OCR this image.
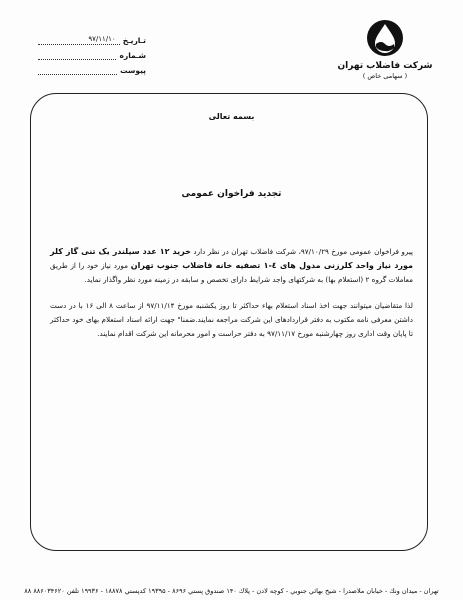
شرکت فاضلاب تهران
( سهامی خاص )
تـاريـخ
۹۷/۱۱/۱۰
شـماره
پيوست
بسمه تعالی
تجدید فراخوان عمومی

پیرو فراخوان عمومی مورخ ۹۷/۱۰/۲۹، شرکت فاضلاب تهران در نظر دارد خرید ۱۲ عدد سیلندر یک تنی گاز کلر مورد نیاز واحد کلرزنی مدول های ٤-١ تصفیه خانه فاضلاب جنوب تهران مورد نیاز خود را از طریق معاملات گروه ۲ (استعلام بها) به شرکتهای واجد شرایط دارای تخصص و سابقه در زمینه مورد نظر واگذار نماید.

لذا متقاضیان میتوانند جهت اخذ اسناد استعلام بهاء حداکثر تا روز یکشنبه مورخ ۹۷/۱۱/۱۴ از ساعت ۸ الی ۱۶ با در دست داشتن معرفی نامه مکتوب به دفتر قراردادهای این شرکت مراجعه نمایند.ضمنا" جهت ارائه اسناد استعلام بهای خود حداکثر تا پایان وقت اداری روز چهارشنبه مورخ ۹۷/۱۱/۱۷ به دفتر حراست و امور محرمانه این شرکت اقدام نمایند.

تهران - ميدان ونك - خيابان ملاصدرا - شيخ بهائي جنوبي - كوچه لادن - پلاك ۱۴۰ صندوق پستي ۸۶۹۶ - ۱۹۳۹۵ كدپستي ۱۸۸۷۸ - ۱۹۹۳۶ تلفن ۸۸۶۰۳۴۶۲۰ ۸۸
